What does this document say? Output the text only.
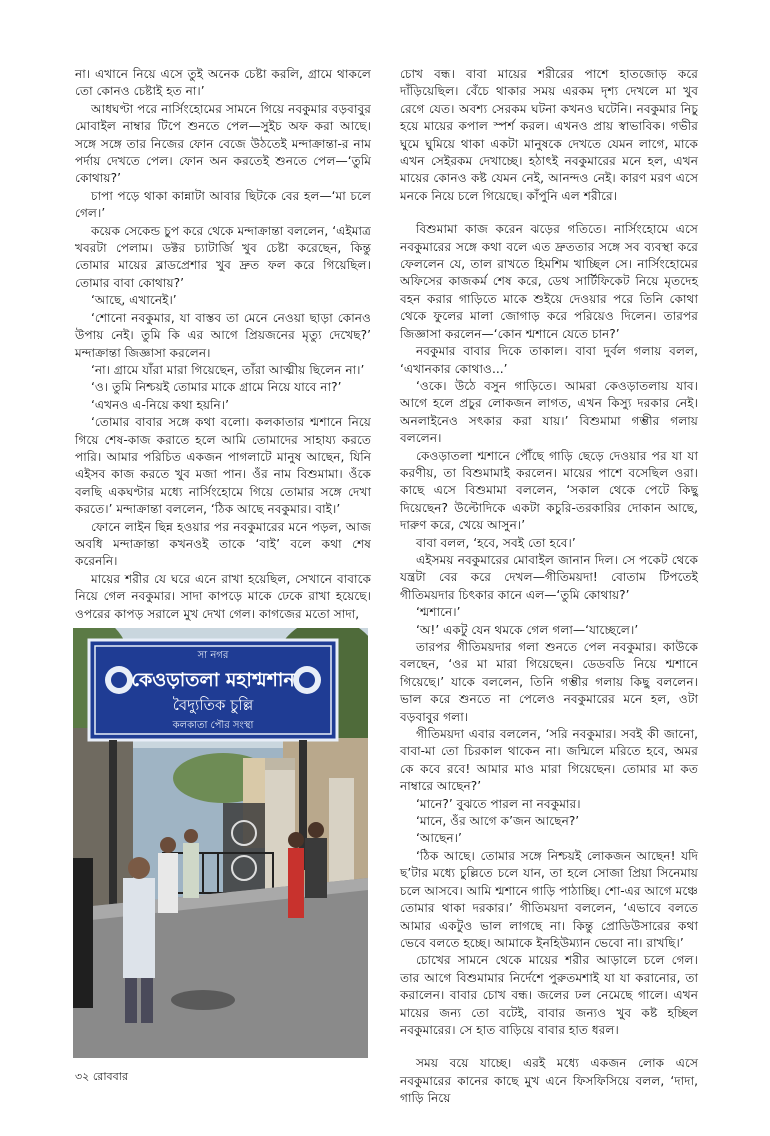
না। এখানে নিয়ে এসে তুই অনেক চেষ্টা করলি, গ্রামে থাকলে তো কোনও চেষ্টাই হত না।’

আধঘণ্টা পরে নার্সিংহোমের সামনে গিয়ে নবকুমার বড়বাবুর মোবাইল নাম্বার টিপে শুনতে পেল—সুইচ অফ করা আছে। সঙ্গে সঙ্গে তার নিজের ফোন বেজে উঠতেই মন্দাক্রান্তা-র নাম পর্দায় দেখতে পেল। ফোন অন করতেই শুনতে পেল—‘তুমি কোথায়?’

চাপা পড়ে থাকা কান্নাটা আবার ছিটকে বের হল—‘মা চলে গেল।’

কয়েক সেকেন্ড চুপ করে থেকে মন্দাক্রান্তা বললেন, ‘এইমাত্র খবরটা পেলাম। ডক্টর চ্যাটার্জি খুব চেষ্টা করেছেন, কিন্তু তোমার মায়ের ব্লাডপ্রেশার খুব দ্রুত ফল করে গিয়েছিল। তোমার বাবা কোথায়?’

‘আছে, এখানেই।’

‘শোনো নবকুমার, যা বাস্তব তা মেনে নেওয়া ছাড়া কোনও উপায় নেই। তুমি কি এর আগে প্রিয়জনের মৃত্যু দেখেছ?’ মন্দাক্রান্তা জিজ্ঞাসা করলেন।

‘না। গ্রামে যাঁরা মারা গিয়েছেন, তাঁরা আত্মীয় ছিলেন না।’

‘ও। তুমি নিশ্চয়ই তোমার মাকে গ্রামে নিয়ে যাবে না?’

‘এখনও এ-নিয়ে কথা হয়নি।’

‘তোমার বাবার সঙ্গে কথা বলো। কলকাতার শ্মশানে নিয়ে গিয়ে শেষ-কাজ করাতে হলে আমি তোমাদের সাহায্য করতে পারি। আমার পরিচিত একজন পাগলাটে মানুষ আছেন, যিনি এইসব কাজ করতে খুব মজা পান। ওঁর নাম বিশুমামা। ওঁকে বলছি একঘণ্টার মধ্যে নার্সিংহোমে গিয়ে তোমার সঙ্গে দেখা করতে।’ মন্দাক্রান্তা বললেন, ‘ঠিক আছে নবকুমার। বাই।’

ফোনে লাইন ছিন্ন হওয়ার পর নবকুমারের মনে পড়ল, আজ অবধি মন্দাক্রান্তা কখনওই তাকে ‘বাই’ বলে কথা শেষ করেননি।

মায়ের শরীর যে ঘরে এনে রাখা হয়েছিল, সেখানে বাবাকে নিয়ে গেল নবকুমার। সাদা কাপড়ে মাকে ঢেকে রাখা হয়েছে। ওপরের কাপড় সরালে মুখ দেখা গেল। কাগজের মতো সাদা,

চোখ বন্ধ। বাবা মায়ের শরীরের পাশে হাতজোড় করে দাঁড়িয়েছিল। বেঁচে থাকার সময় এরকম দৃশ্য দেখলে মা খুব রেগে যেত। অবশ্য সেরকম ঘটনা কখনও ঘটেনি। নবকুমার নিচু হয়ে মায়ের কপাল স্পর্শ করল। এখনও প্রায় স্বাভাবিক। গভীর ঘুমে ঘুমিয়ে থাকা একটা মানুষকে দেখতে যেমন লাগে, মাকে এখন সেইরকম দেখাচ্ছে। হঠাৎই নবকুমারের মনে হল, এখন মায়ের কোনও কষ্ট যেমন নেই, আনন্দও নেই। কারণ মরণ এসে মনকে নিয়ে চলে গিয়েছে। কাঁপুনি এল শরীরে।

বিশুমামা কাজ করেন ঝড়ের গতিতে। নার্সিংহোমে এসে নবকুমারের সঙ্গে কথা বলে এত দ্রুততার সঙ্গে সব ব্যবস্থা করে ফেললেন যে, তাল রাখতে হিমশিম খাচ্ছিল সে। নার্সিংহোমের অফিসের কাজকর্ম শেষ করে, ডেথ সার্টিফিকেট নিয়ে মৃতদেহ বহন করার গাড়িতে মাকে শুইয়ে দেওয়ার পরে তিনি কোথা থেকে ফুলের মালা জোগাড় করে পরিয়েও দিলেন। তারপর জিজ্ঞাসা করলেন—‘কোন শ্মশানে যেতে চান?’

নবকুমার বাবার দিকে তাকাল। বাবা দুর্বল গলায় বলল, ‘এখানকার কোথাও...’

‘ওকে। উঠে বসুন গাড়িতে। আমরা কেওড়াতলায় যাব। আগে হলে প্রচুর লোকজন লাগত, এখন কিস্যু দরকার নেই। অনলাইনেও সৎকার করা যায়।’ বিশুমামা গম্ভীর গলায় বললেন।

কেওড়াতলা শ্মশানে পৌঁছে গাড়ি ছেড়ে দেওয়ার পর যা যা করণীয়, তা বিশুমামাই করলেন। মায়ের পাশে বসেছিল ওরা। কাছে এসে বিশুমামা বললেন, ‘সকাল থেকে পেটে কিছু দিয়েছেন? উল্টোদিকে একটা কচুরি-তরকারির দোকান আছে, দারুণ করে, খেয়ে আসুন।’

বাবা বলল, ‘হবে, সবই তো হবে।’

এইসময় নবকুমারের মোবাইল জানান দিল। সে পকেট থেকে যন্ত্রটা বের করে দেখল—গীতিময়দা! বোতাম টিপতেই গীতিময়দার চিৎকার কানে এল—‘তুমি কোথায়?’

‘শ্মশানে।’

‘অ!’ একটু যেন থমকে গেল গলা—‘যাচ্ছেলে।’

তারপর গীতিময়দার গলা শুনতে পেল নবকুমার। কাউকে বলছেন, ‘ওর মা মারা গিয়েছেন। ডেডবডি নিয়ে শ্মশানে গিয়েছে।’ যাকে বললেন, তিনি গম্ভীর গলায় কিছু বললেন। ভাল করে শুনতে না পেলেও নবকুমারের মনে হল, ওটা বড়বাবুর গলা।

গীতিময়দা এবার বললেন, ‘সরি নবকুমার। সবই কী জানো, বাবা-মা তো চিরকাল থাকেন না। জন্মিলে মরিতে হবে, অমর কে কবে রবে! আমার মাও মারা গিয়েছেন। তোমার মা কত নাম্বারে আছেন?’

‘মানে?’ বুঝতে পারল না নবকুমার।

‘মানে, ওঁর আগে ক’জন আছেন?’

‘আছেন।’

‘ঠিক আছে। তোমার সঙ্গে নিশ্চয়ই লোকজন আছেন! যদি ছ’টার মধ্যে চুল্লিতে চলে যান, তা হলে সোজা প্রিয়া সিনেমায় চলে আসবে। আমি শ্মশানে গাড়ি পাঠাচ্ছি। শো-এর আগে মঞ্চে তোমার থাকা দরকার।’ গীতিময়দা বললেন, ‘এভাবে বলতে আমার একটুও ভাল লাগছে না। কিন্তু প্রোডিউসারের কথা ভেবে বলতে হচ্ছে। আমাকে ইনহিউম্যান ভেবো না। রাখছি।’

চোখের সামনে থেকে মায়ের শরীর আড়ালে চলে গেল। তার আগে বিশুমামার নির্দেশে পুরুতমশাই যা যা করানোর, তা করালেন। বাবার চোখ বন্ধ। জলের ঢল নেমেছে গালে। এখন মায়ের জন্য তো বটেই, বাবার জন্যও খুব কষ্ট হচ্ছিল নবকুমারের। সে হাত বাড়িয়ে বাবার হাত ধরল।

সময় বয়ে যাচ্ছে। এরই মধ্যে একজন লোক এসে নবকুমারের কানের কাছে মুখ এনে ফিসফিসিয়ে বলল, ‘দাদা, গাড়ি নিয়ে

সা নগর
কেওড়াতলা মহাশ্মশান
বৈদ্যুতিক চুল্লি
কলকাতা পৌর সংস্থা
৩২ রোববার
